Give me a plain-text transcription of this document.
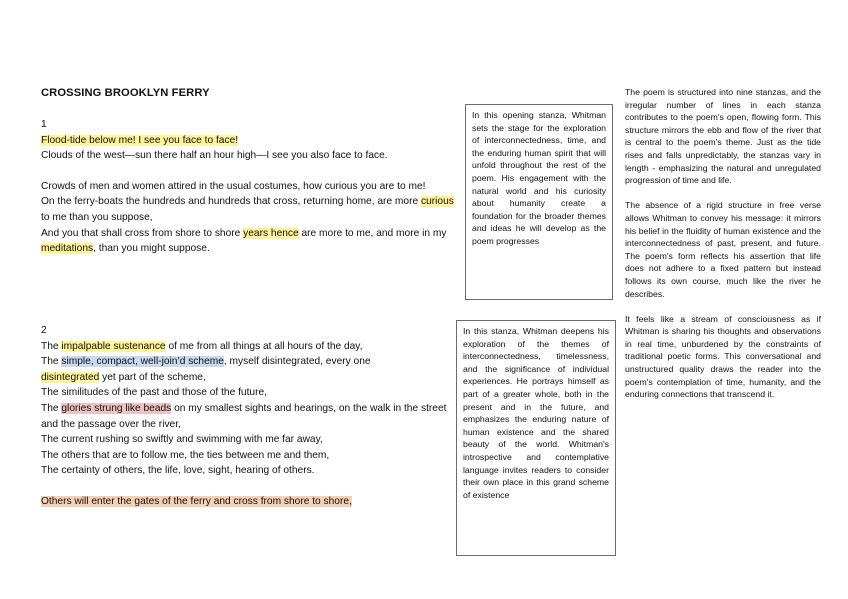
CROSSING BROOKLYN FERRY
1
Flood-tide below me! I see you face to face!
Clouds of the west—sun there half an hour high—I see you also face to face.
Crowds of men and women attired in the usual costumes, how curious you are to me!
On the ferry-boats the hundreds and hundreds that cross, returning home, are more curious to me than you suppose,
And you that shall cross from shore to shore years hence are more to me, and more in my meditations, than you might suppose.
2
The impalpable sustenance of me from all things at all hours of the day,
The simple, compact, well-join’d scheme, myself disintegrated, every one
disintegrated yet part of the scheme,
The similitudes of the past and those of the future,
The glories strung like beads on my smallest sights and hearings, on the walk in the street and the passage over the river,
The current rushing so swiftly and swimming with me far away,
The others that are to follow me, the ties between me and them,
The certainty of others, the life, love, sight, hearing of others.
Others will enter the gates of the ferry and cross from shore to shore,

In this opening stanza, Whitman sets the stage for the exploration of interconnectedness, time, and the enduring human spirit that will unfold throughout the rest of the poem. His engagement with the natural world and his curiosity about humanity create a foundation for the broader themes and ideas he will develop as the poem progresses

In this stanza, Whitman deepens his exploration of the themes of interconnectedness, timelessness, and the significance of individual experiences. He portrays himself as part of a greater whole, both in the present and in the future, and emphasizes the enduring nature of human existence and the shared beauty of the world. Whitman's introspective and contemplative language invites readers to consider their own place in this grand scheme of existence

The poem is structured into nine stanzas, and the irregular number of lines in each stanza contributes to the poem's open, flowing form. This structure mirrors the ebb and flow of the river that is central to the poem's theme. Just as the tide rises and falls unpredictably, the stanzas vary in length - emphasizing the natural and unregulated progression of time and life.

The absence of a rigid structure in free verse allows Whitman to convey his message: it mirrors his belief in the fluidity of human existence and the interconnectedness of past, present, and future. The poem's form reflects his assertion that life does not adhere to a fixed pattern but instead follows its own course, much like the river he describes.

It feels like a stream of consciousness as if Whitman is sharing his thoughts and observations in real time, unburdened by the constraints of traditional poetic forms. This conversational and unstructured quality draws the reader into the poem's contemplation of time, humanity, and the enduring connections that transcend it.
